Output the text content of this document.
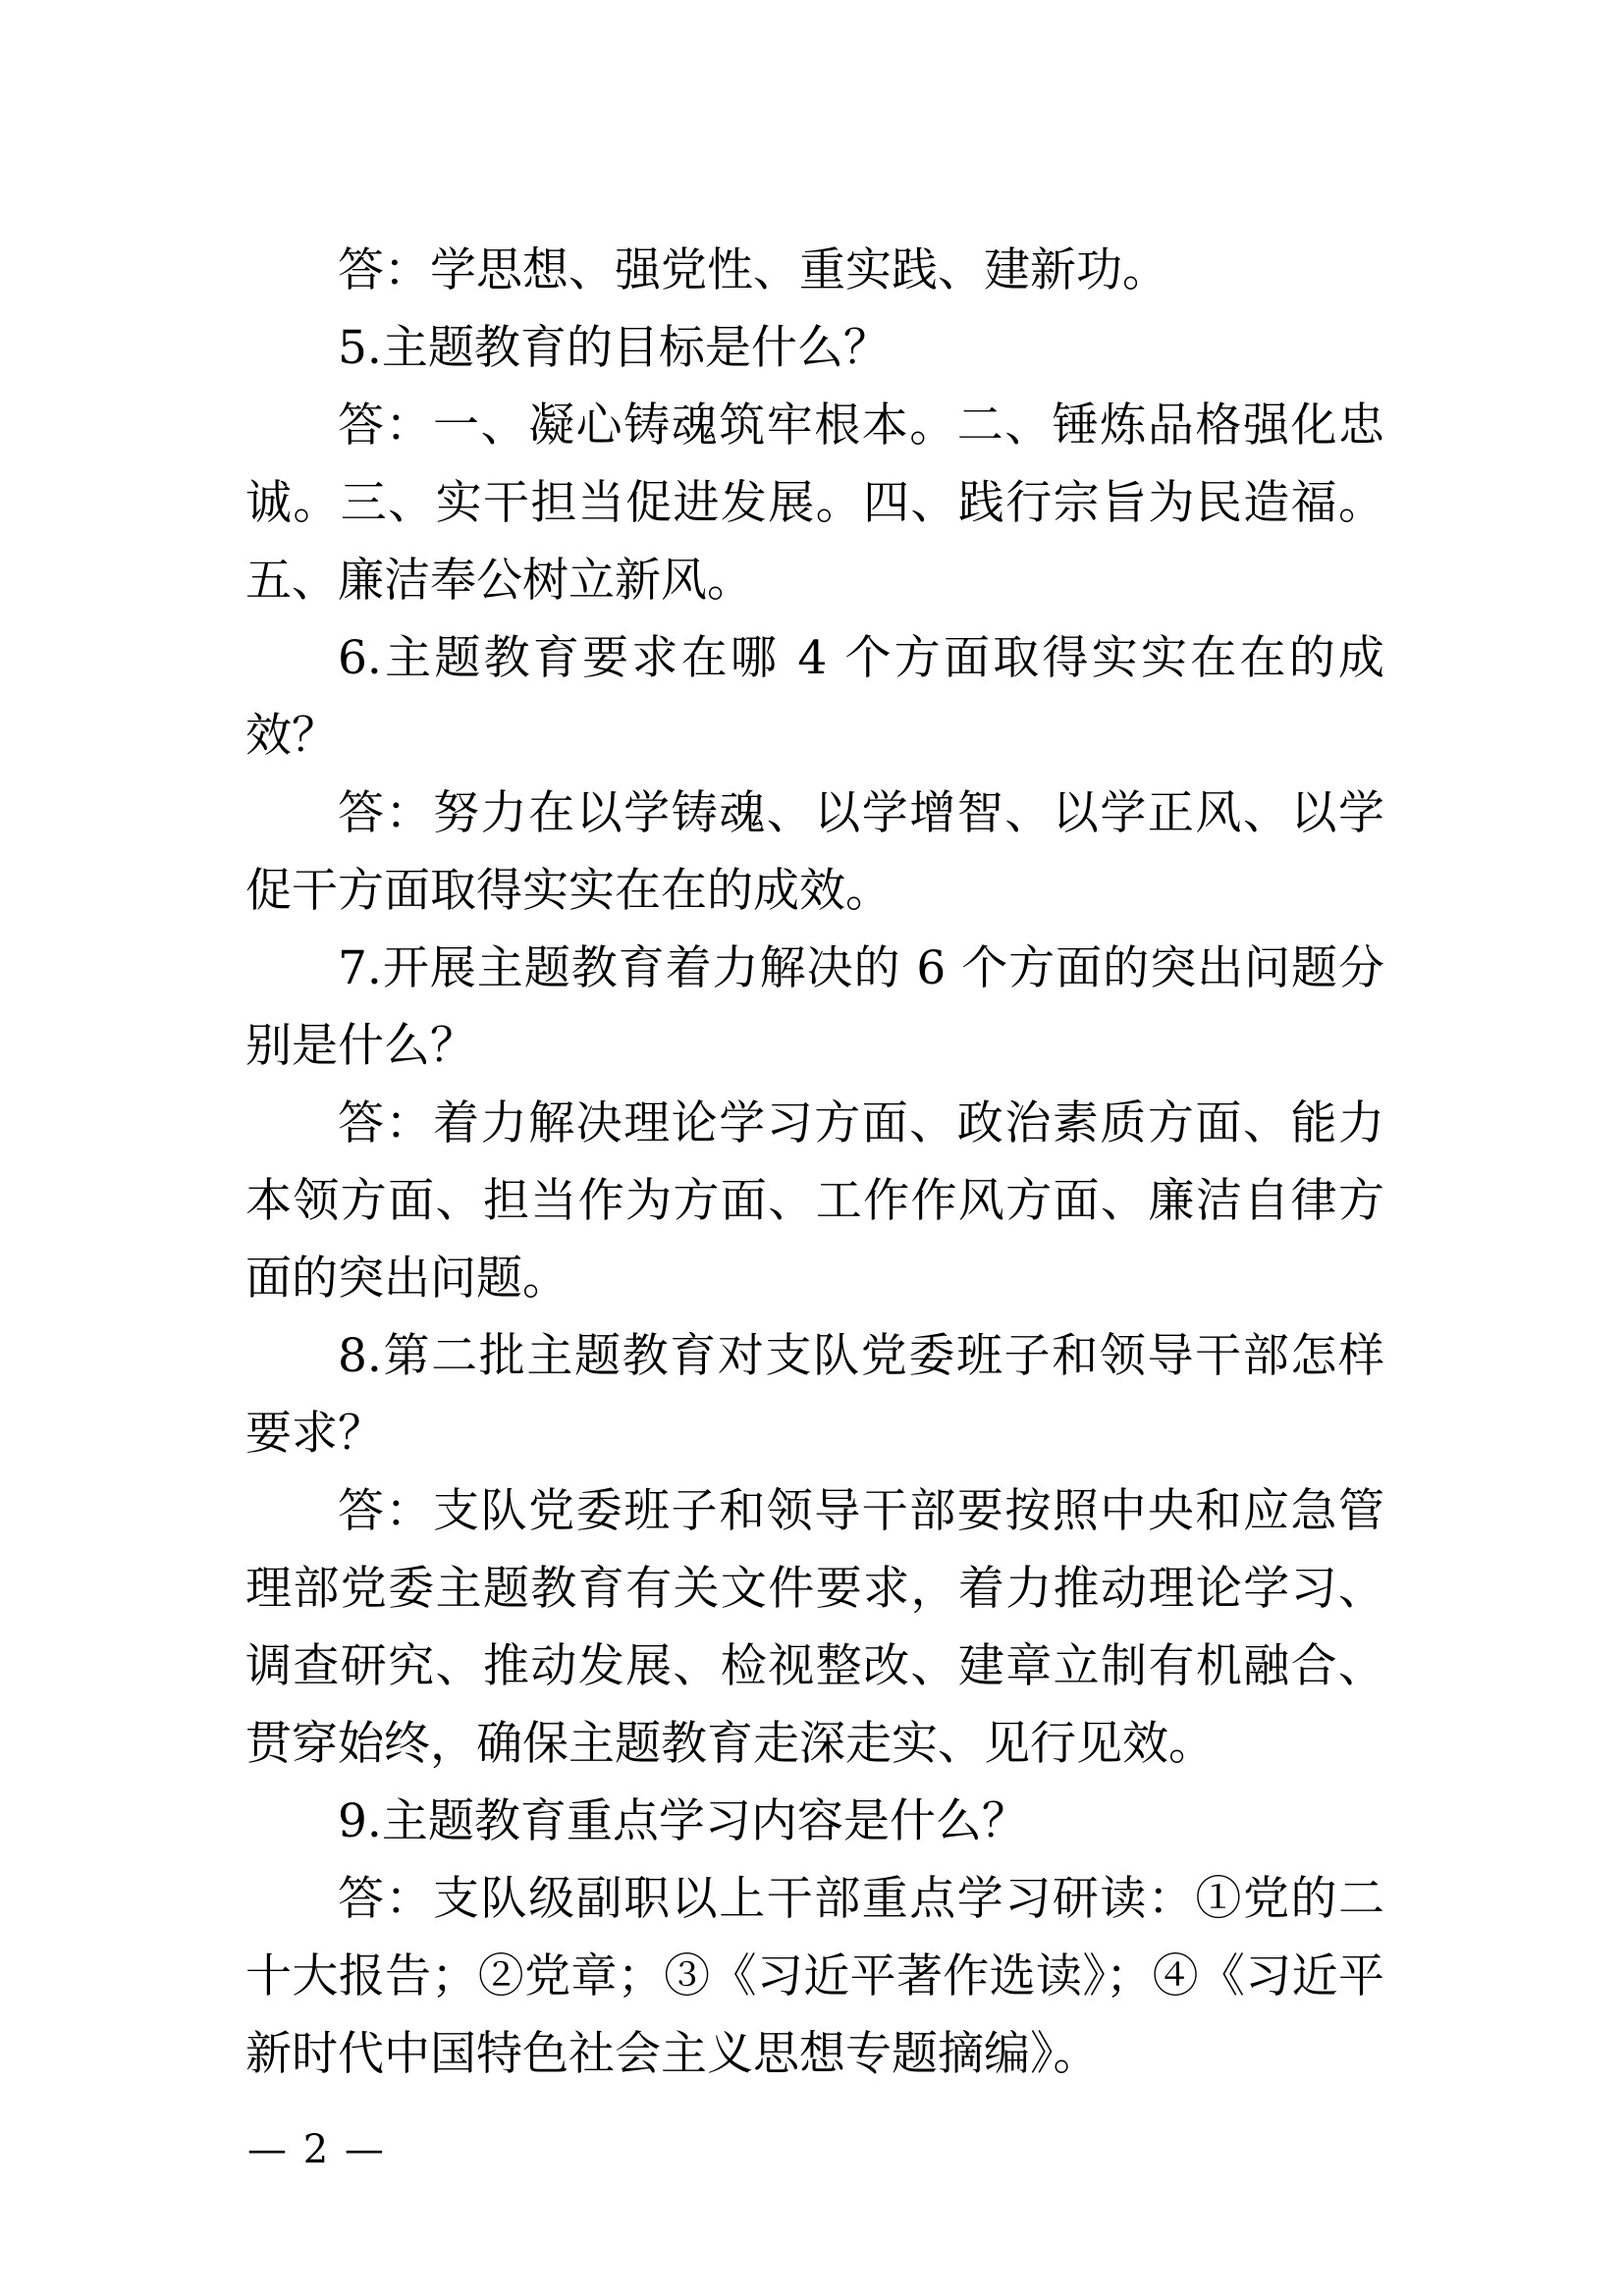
答：学思想、强党性、重实践、建新功。

5.主题教育的目标是什么？

答：一、凝心铸魂筑牢根本。二、锤炼品格强化忠诚。三、实干担当促进发展。四、践行宗旨为民造福。五、廉洁奉公树立新风。

6.主题教育要求在哪 4 个方面取得实实在在的成效？

答：努力在以学铸魂、以学增智、以学正风、以学促干方面取得实实在在的成效。

7.开展主题教育着力解决的 6 个方面的突出问题分别是什么？

答：着力解决理论学习方面、政治素质方面、能力本领方面、担当作为方面、工作作风方面、廉洁自律方面的突出问题。

8.第二批主题教育对支队党委班子和领导干部怎样要求？

答：支队党委班子和领导干部要按照中央和应急管理部党委主题教育有关文件要求，着力推动理论学习、调查研究、推动发展、检视整改、建章立制有机融合、贯穿始终，确保主题教育走深走实、见行见效。

9.主题教育重点学习内容是什么？

答：支队级副职以上干部重点学习研读：①党的二十大报告；②党章；③《习近平著作选读》；④《习近平新时代中国特色社会主义思想专题摘编》。

— 2 —
